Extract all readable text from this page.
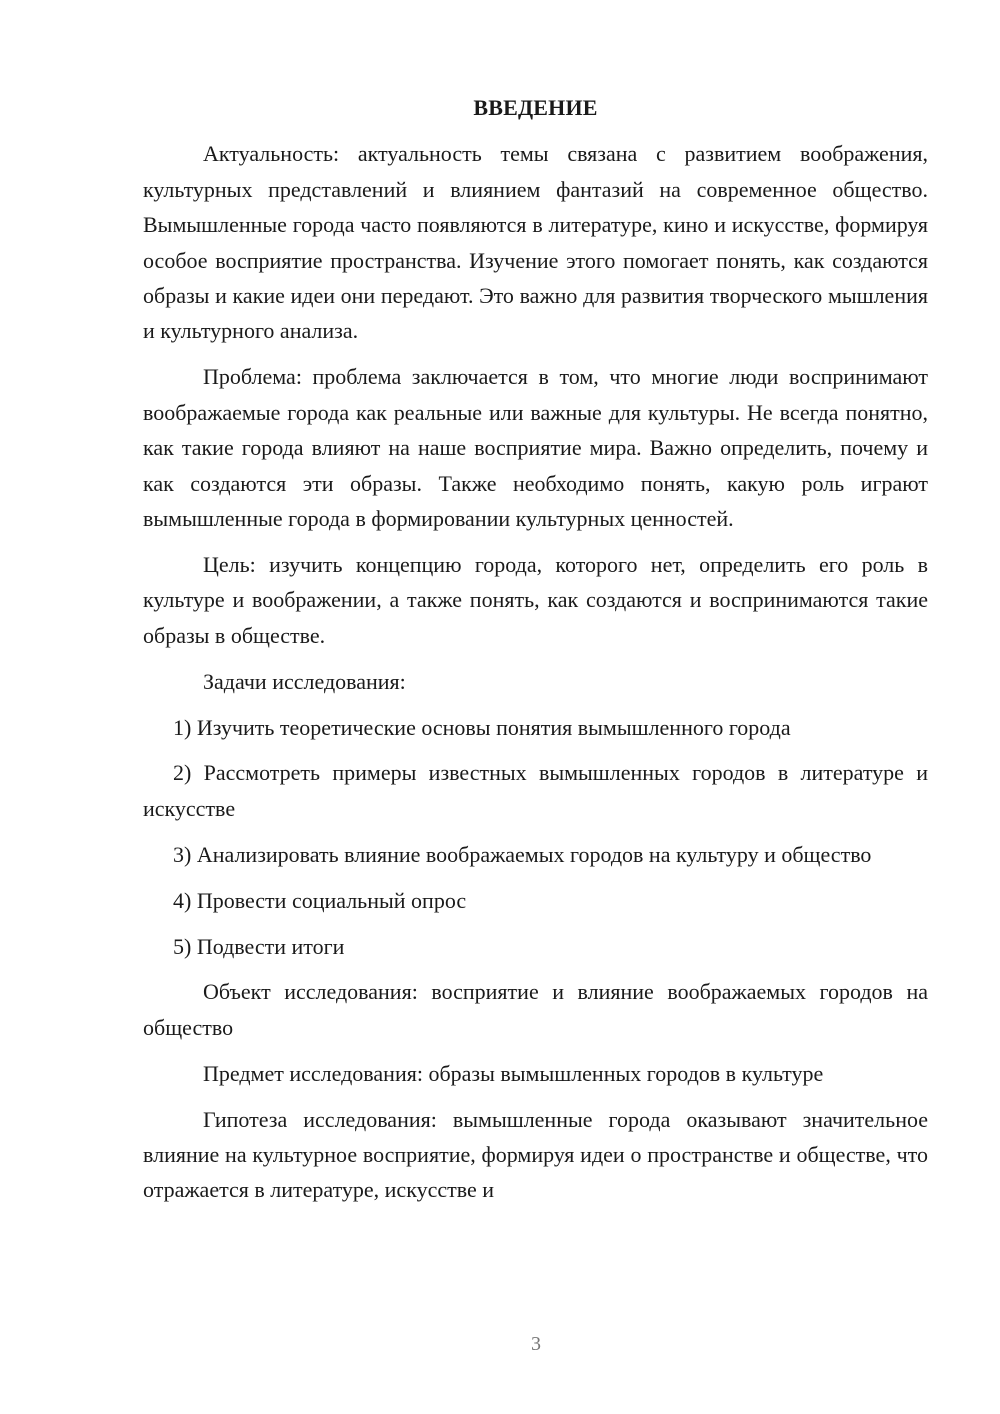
ВВЕДЕНИЕ

Актуальность: актуальность темы связана с развитием воображения, культурных представлений и влиянием фантазий на современное общество. Вымышленные города часто появляются в литературе, кино и искусстве, формируя особое восприятие пространства. Изучение этого помогает понять, как создаются образы и какие идеи они передают. Это важно для развития творческого мышления и культурного анализа.

Проблема: проблема заключается в том, что многие люди воспринимают воображаемые города как реальные или важные для культуры. Не всегда понятно, как такие города влияют на наше восприятие мира. Важно определить, почему и как создаются эти образы. Также необходимо понять, какую роль играют вымышленные города в формировании культурных ценностей.

Цель: изучить концепцию города, которого нет, определить его роль в культуре и воображении, а также понять, как создаются и воспринимаются такие образы в обществе.

Задачи исследования:

1) Изучить теоретические основы понятия вымышленного города

2) Рассмотреть примеры известных вымышленных городов в литературе и искусстве

3) Анализировать влияние воображаемых городов на культуру и общество

4) Провести социальный опрос

5) Подвести итоги

Объект исследования: восприятие и влияние воображаемых городов на общество

Предмет исследования: образы вымышленных городов в культуре

Гипотеза исследования: вымышленные города оказывают значительное влияние на культурное восприятие, формируя идеи о пространстве и обществе, что отражается в литературе, искусстве и

3
